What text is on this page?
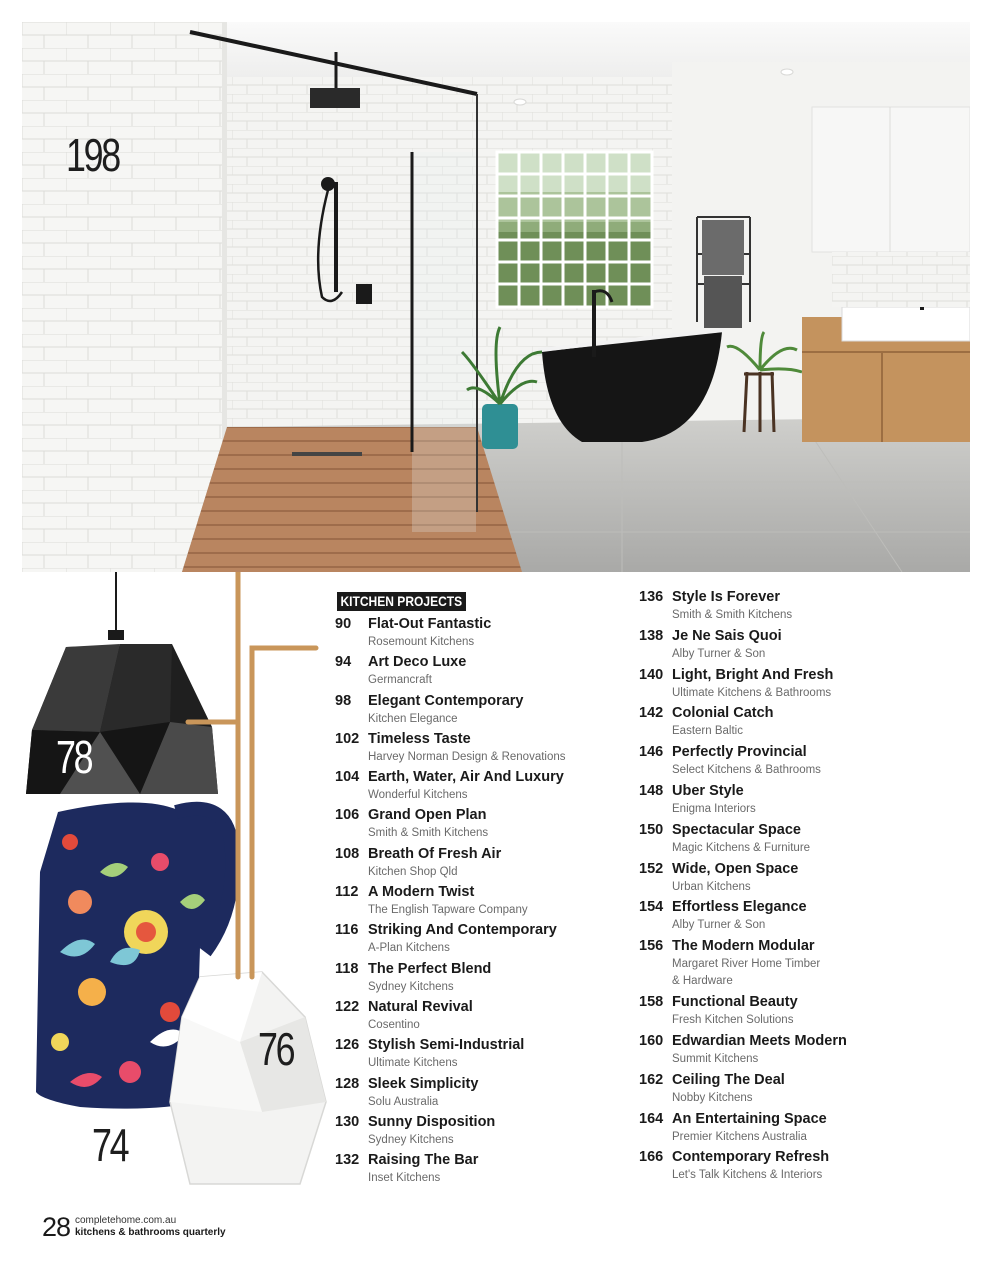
198
78
76
74
KITCHEN PROJECTS
90 Flat-Out Fantastic
Rosemount Kitchens
94 Art Deco Luxe
Germancraft
98 Elegant Contemporary
Kitchen Elegance
102 Timeless Taste
Harvey Norman Design & Renovations
104 Earth, Water, Air And Luxury
Wonderful Kitchens
106 Grand Open Plan
Smith & Smith Kitchens
108 Breath Of Fresh Air
Kitchen Shop Qld
112 A Modern Twist
The English Tapware Company
116 Striking And Contemporary
A-Plan Kitchens
118 The Perfect Blend
Sydney Kitchens
122 Natural Revival
Cosentino
126 Stylish Semi-Industrial
Ultimate Kitchens
128 Sleek Simplicity
Solu Australia
130 Sunny Disposition
Sydney Kitchens
132 Raising The Bar
Inset Kitchens
136 Style Is Forever
Smith & Smith Kitchens
138 Je Ne Sais Quoi
Alby Turner & Son
140 Light, Bright And Fresh
Ultimate Kitchens & Bathrooms
142 Colonial Catch
Eastern Baltic
146 Perfectly Provincial
Select Kitchens & Bathrooms
148 Uber Style
Enigma Interiors
150 Spectacular Space
Magic Kitchens & Furniture
152 Wide, Open Space
Urban Kitchens
154 Effortless Elegance
Alby Turner & Son
156 The Modern Modular
Margaret River Home Timber
& Hardware
158 Functional Beauty
Fresh Kitchen Solutions
160 Edwardian Meets Modern
Summit Kitchens
162 Ceiling The Deal
Nobby Kitchens
164 An Entertaining Space
Premier Kitchens Australia
166 Contemporary Refresh
Let's Talk Kitchens & Interiors
28 completehome.com.au
kitchens & bathrooms quarterly
